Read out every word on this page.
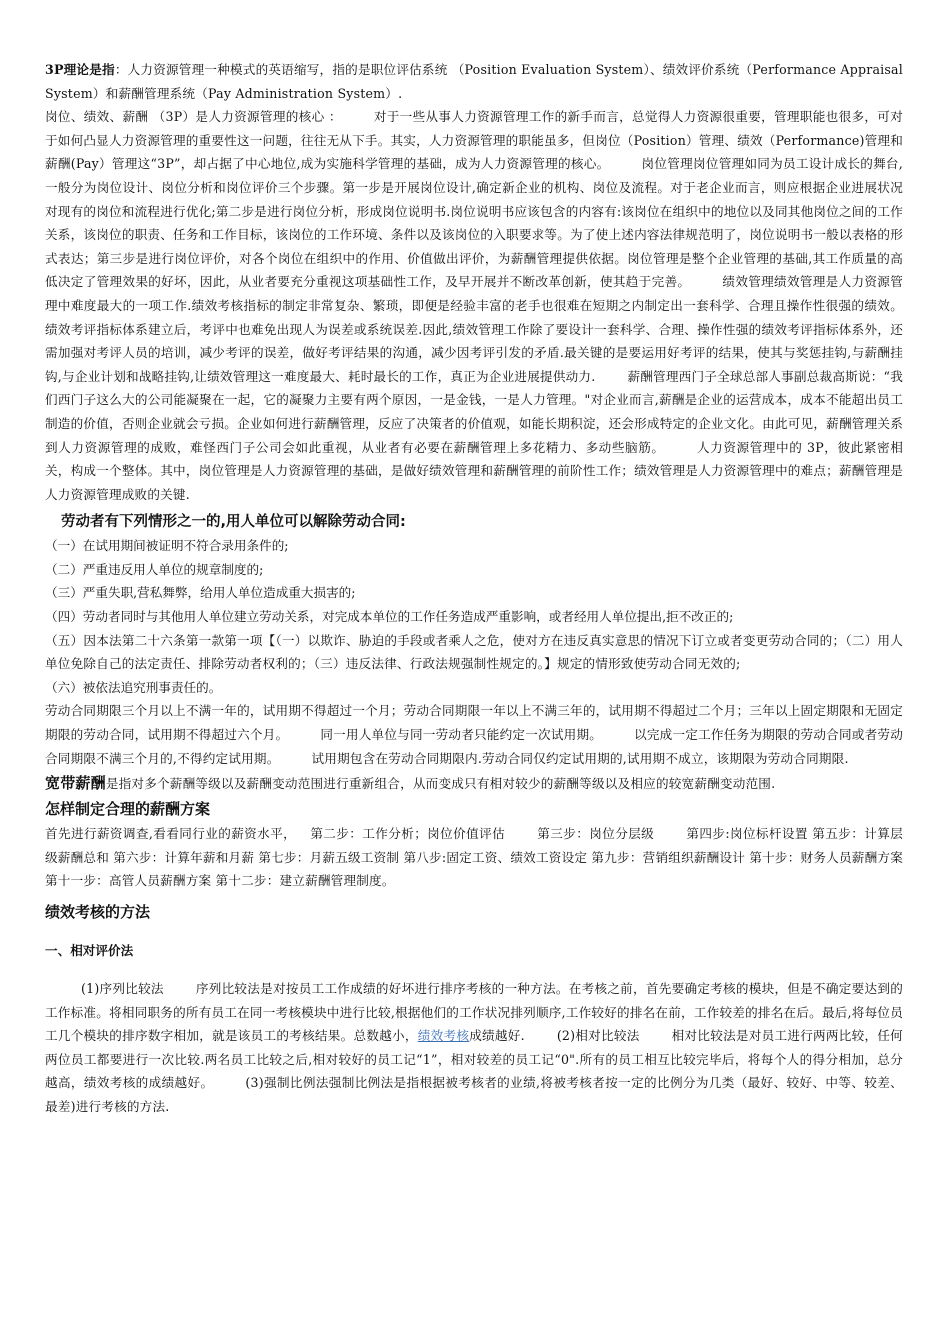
3P理论是指：人力资源管理一种模式的英语缩写，指的是职位评估系统 （Position Evaluation System）、绩效评价系统（Performance Appraisal System）和薪酬管理系统（Pay Administration System）.

岗位、绩效、薪酬 （3P）是人力资源管理的核心 ：	对于一些从事人力资源管理工作的新手而言，总觉得人力资源很重要，管理职能也很多，可对于如何凸显人力资源管理的重要性这一问题，往往无从下手。其实，人力资源管理的职能虽多，但岗位（Position）管理、绩效（Performance)管理和薪酬(Pay）管理这“3P”，却占据了中心地位,成为实施科学管理的基础，成为人力资源管理的核心。	岗位管理岗位管理如同为员工设计成长的舞台,一般分为岗位设计、岗位分析和岗位评价三个步骤。第一步是开展岗位设计,确定新企业的机构、岗位及流程。对于老企业而言，则应根据企业进展状况对现有的岗位和流程进行优化;第二步是进行岗位分析，形成岗位说明书.岗位说明书应该包含的内容有:该岗位在组织中的地位以及同其他岗位之间的工作关系，该岗位的职责、任务和工作目标，该岗位的工作环境、条件以及该岗位的入职要求等。为了使上述内容法律规范明了，岗位说明书一般以表格的形式表达；第三步是进行岗位评价，对各个岗位在组织中的作用、价值做出评价，为薪酬管理提供依据。岗位管理是整个企业管理的基础,其工作质量的高低决定了管理效果的好坏，因此，从业者要充分重视这项基础性工作，及早开展并不断改革创新，使其趋于完善。	绩效管理绩效管理是人力资源管理中难度最大的一项工作.绩效考核指标的制定非常复杂、繁琐，即便是经验丰富的老手也很难在短期之内制定出一套科学、合理且操作性很强的绩效。绩效考评指标体系建立后，考评中也难免出现人为误差或系统误差.因此,绩效管理工作除了要设计一套科学、合理、操作性强的绩效考评指标体系外，还需加强对考评人员的培训，减少考评的误差，做好考评结果的沟通，减少因考评引发的矛盾.最关键的是要运用好考评的结果，使其与奖惩挂钩,与薪酬挂钩,与企业计划和战略挂钩,让绩效管理这一难度最大、耗时最长的工作，真正为企业进展提供动力.	薪酬管理西门子全球总部人事副总裁高斯说：“我们西门子这么大的公司能凝聚在一起，它的凝聚力主要有两个原因，一是金钱，一是人力管理。"对企业而言,薪酬是企业的运营成本，成本不能超出员工制造的价值，否则企业就会亏损。企业如何进行薪酬管理，反应了决策者的价值观，如能长期积淀，还会形成特定的企业文化。由此可见，薪酬管理关系到人力资源管理的成败，难怪西门子公司会如此重视，从业者有必要在薪酬管理上多花精力、多动些脑筋。	人力资源管理中的 3P，彼此紧密相关，构成一个整体。其中，岗位管理是人力资源管理的基础，是做好绩效管理和薪酬管理的前阶性工作；绩效管理是人力资源管理中的难点；薪酬管理是人力资源管理成败的关键.

劳动者有下列情形之一的,用人单位可以解除劳动合同:

（一）在试用期间被证明不符合录用条件的;

（二）严重违反用人单位的规章制度的;

（三）严重失职,营私舞弊，给用人单位造成重大损害的;

（四）劳动者同时与其他用人单位建立劳动关系，对完成本单位的工作任务造成严重影响，或者经用人单位提出,拒不改正的;

（五）因本法第二十六条第一款第一项【（一）以欺诈、胁迫的手段或者乘人之危，使对方在违反真实意思的情况下订立或者变更劳动合同的；（二）用人单位免除自己的法定责任、排除劳动者权利的；（三）违反法律、行政法规强制性规定的。】规定的情形致使劳动合同无效的;

（六）被依法追究刑事责任的。

劳动合同期限三个月以上不满一年的，试用期不得超过一个月；劳动合同期限一年以上不满三年的，试用期不得超过二个月；三年以上固定期限和无固定期限的劳动合同，试用期不得超过六个月。	同一用人单位与同一劳动者只能约定一次试用期。	以完成一定工作任务为期限的劳动合同或者劳动合同期限不满三个月的,不得约定试用期。	试用期包含在劳动合同期限内.劳动合同仅约定试用期的,试用期不成立，该期限为劳动合同期限.

宽带薪酬是指对多个薪酬等级以及薪酬变动范围进行重新组合，从而变成只有相对较少的薪酬等级以及相应的较宽薪酬变动范围.

怎样制定合理的薪酬方案

首先进行薪资调查,看看同行业的薪资水平， 第二步：工作分析；岗位价值评估	第三步：岗位分层级	第四步:岗位标杆设置 第五步：计算层级薪酬总和 第六步：计算年薪和月薪 第七步：月薪五级工资制 第八步:固定工资、绩效工资设定 第九步：营销组织薪酬设计 第十步：财务人员薪酬方案 第十一步：高管人员薪酬方案 第十二步：建立薪酬管理制度。

绩效考核的方法

一、相对评价法

(1)序列比较法	序列比较法是对按员工工作成绩的好坏进行排序考核的一种方法。在考核之前，首先要确定考核的模块，但是不确定要达到的工作标准。将相同职务的所有员工在同一考核模块中进行比较,根据他们的工作状况排列顺序,工作较好的排名在前，工作较差的排名在后。最后,将每位员工几个模块的排序数字相加，就是该员工的考核结果。总数越小，绩效考核成绩越好.	(2)相对比较法	相对比较法是对员工进行两两比较，任何两位员工都要进行一次比较.两名员工比较之后,相对较好的员工记“1”，相对较差的员工记“0".所有的员工相互比较完毕后，将每个人的得分相加，总分越高，绩效考核的成绩越好。	(3)强制比例法强制比例法是指根据被考核者的业绩,将被考核者按一定的比例分为几类（最好、较好、中等、较差、最差)进行考核的方法.
